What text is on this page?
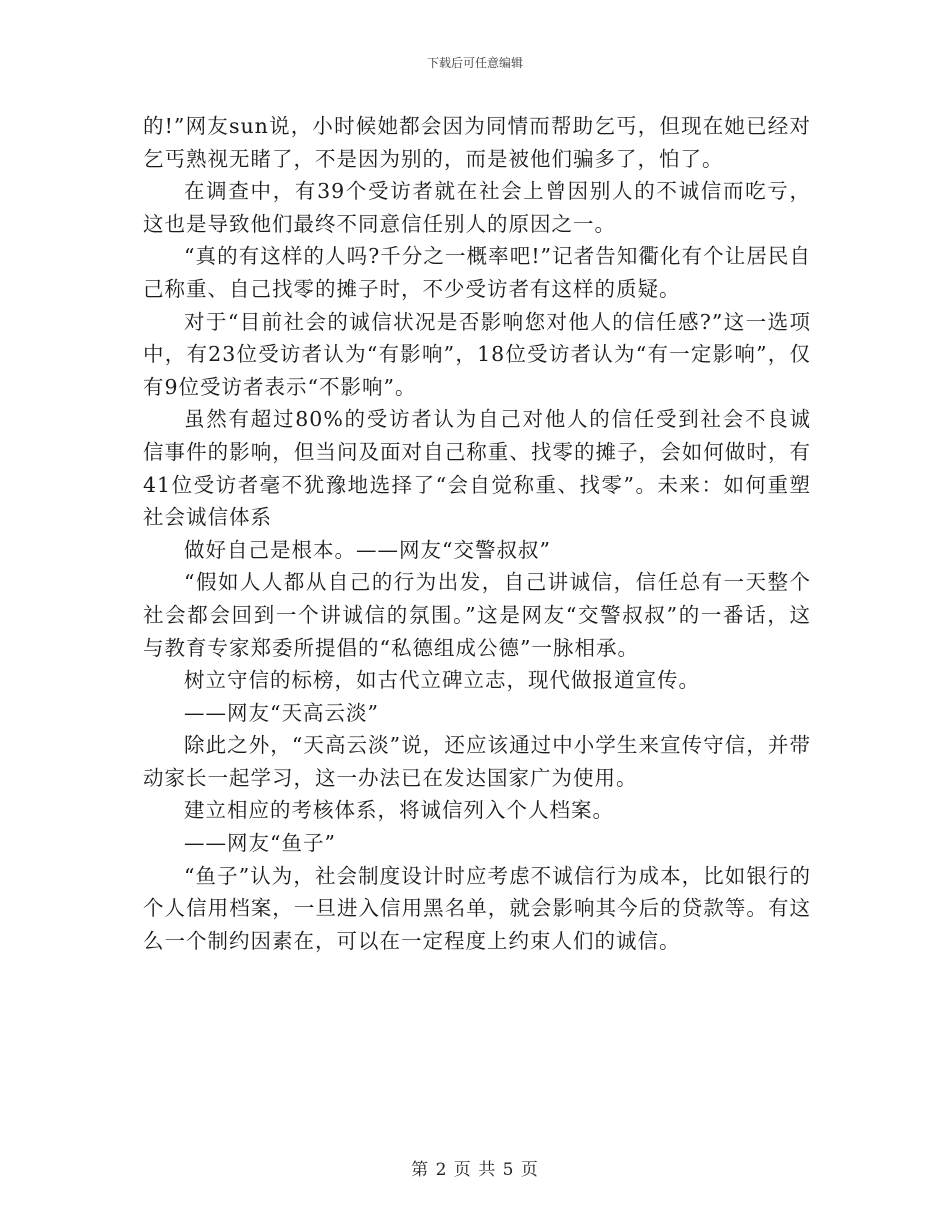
下载后可任意编辑

的!”网友sun说，小时候她都会因为同情而帮助乞丐，但现在她已经对乞丐熟视无睹了，不是因为别的，而是被他们骗多了，怕了。

在调查中，有39个受访者就在社会上曾因别人的不诚信而吃亏，这也是导致他们最终不同意信任别人的原因之一。

“真的有这样的人吗?千分之一概率吧!”记者告知衢化有个让居民自己称重、自己找零的摊子时，不少受访者有这样的质疑。

对于“目前社会的诚信状况是否影响您对他人的信任感?”这一选项中，有23位受访者认为“有影响”，18位受访者认为“有一定影响”，仅有9位受访者表示“不影响”。

虽然有超过80%的受访者认为自己对他人的信任受到社会不良诚信事件的影响，但当问及面对自己称重、找零的摊子，会如何做时，有41位受访者毫不犹豫地选择了“会自觉称重、找零”。未来：如何重塑社会诚信体系

做好自己是根本。——网友“交警叔叔”

“假如人人都从自己的行为出发，自己讲诚信，信任总有一天整个社会都会回到一个讲诚信的氛围。”这是网友“交警叔叔”的一番话，这与教育专家郑委所提倡的“私德组成公德”一脉相承。

树立守信的标榜，如古代立碑立志，现代做报道宣传。

——网友“天高云淡”

除此之外，“天高云淡”说，还应该通过中小学生来宣传守信，并带动家长一起学习，这一办法已在发达国家广为使用。

建立相应的考核体系，将诚信列入个人档案。

——网友“鱼子”

“鱼子”认为，社会制度设计时应考虑不诚信行为成本，比如银行的个人信用档案，一旦进入信用黑名单，就会影响其今后的贷款等。有这么一个制约因素在，可以在一定程度上约束人们的诚信。

第 2 页 共 5 页
